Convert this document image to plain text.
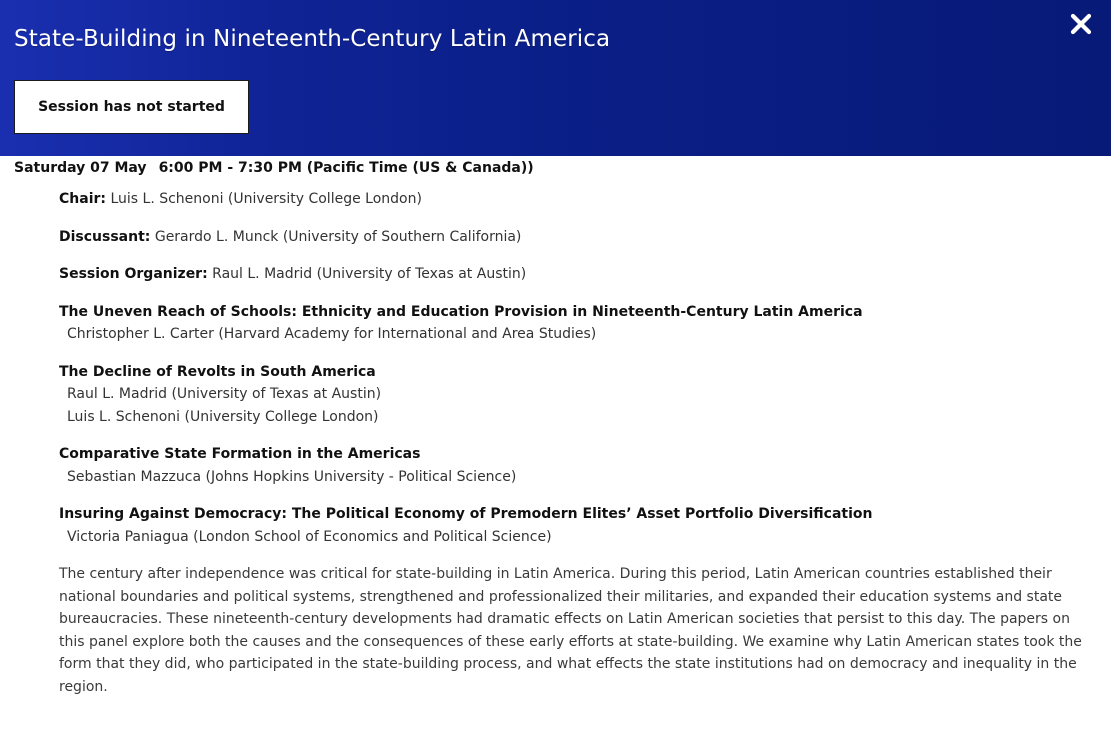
State-Building in Nineteenth-Century Latin America
Session has not started
Saturday 07 May 6:00 PM - 7:30 PM (Pacific Time (US & Canada))
Chair: Luis L. Schenoni (University College London)
Discussant: Gerardo L. Munck (University of Southern California)
Session Organizer: Raul L. Madrid (University of Texas at Austin)
The Uneven Reach of Schools: Ethnicity and Education Provision in Nineteenth-Century Latin America
Christopher L. Carter (Harvard Academy for International and Area Studies)
The Decline of Revolts in South America
Raul L. Madrid (University of Texas at Austin)
Luis L. Schenoni (University College London)
Comparative State Formation in the Americas
Sebastian Mazzuca (Johns Hopkins University - Political Science)
Insuring Against Democracy: The Political Economy of Premodern Elites’ Asset Portfolio Diversification
Victoria Paniagua (London School of Economics and Political Science)
The century after independence was critical for state-building in Latin America. During this period, Latin American countries established their national boundaries and political systems, strengthened and professionalized their militaries, and expanded their education systems and state bureaucracies. These nineteenth-century developments had dramatic effects on Latin American societies that persist to this day. The papers on this panel explore both the causes and the consequences of these early efforts at state-building. We examine why Latin American states took the form that they did, who participated in the state-building process, and what effects the state institutions had on democracy and inequality in the region.
